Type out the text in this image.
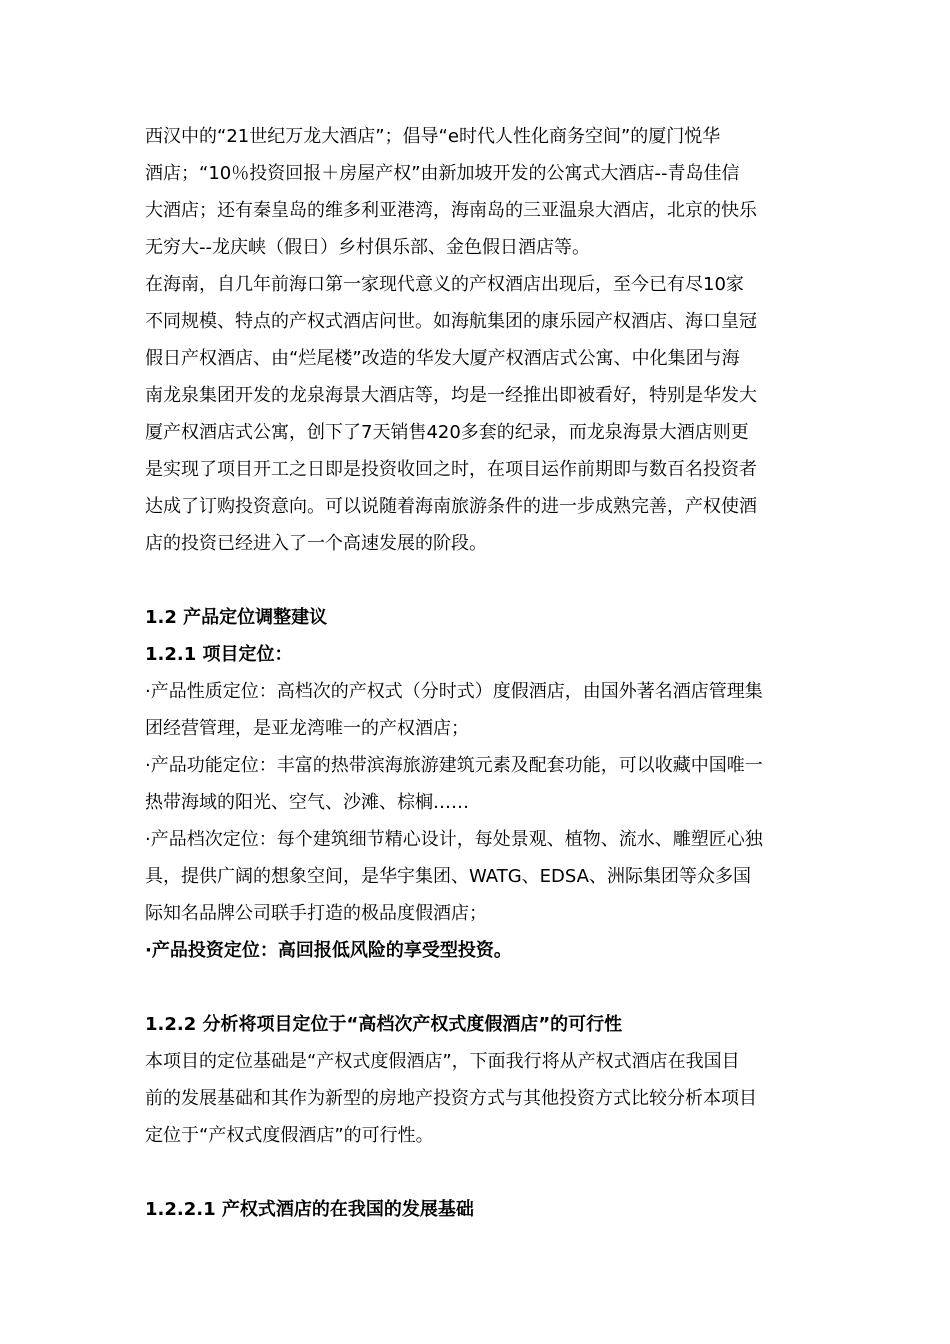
西汉中的“21世纪万龙大酒店”；倡导“e时代人性化商务空间”的厦门悦华

酒店；“10％投资回报＋房屋产权”由新加坡开发的公寓式大酒店--青岛佳信

大酒店；还有秦皇岛的维多利亚港湾，海南岛的三亚温泉大酒店，北京的快乐

无穷大--龙庆峡（假日）乡村俱乐部、金色假日酒店等。

在海南，自几年前海口第一家现代意义的产权酒店出现后，至今已有尽10家

不同规模、特点的产权式酒店问世。如海航集团的康乐园产权酒店、海口皇冠

假日产权酒店、由“烂尾楼”改造的华发大厦产权酒店式公寓、中化集团与海

南龙泉集团开发的龙泉海景大酒店等，均是一经推出即被看好，特别是华发大

厦产权酒店式公寓，创下了7天销售420多套的纪录，而龙泉海景大酒店则更

是实现了项目开工之日即是投资收回之时，在项目运作前期即与数百名投资者

达成了订购投资意向。可以说随着海南旅游条件的进一步成熟完善，产权使酒

店的投资已经进入了一个高速发展的阶段。

1.2 产品定位调整建议

1.2.1 项目定位：

·产品性质定位：高档次的产权式（分时式）度假酒店，由国外著名酒店管理集

团经营管理，是亚龙湾唯一的产权酒店；

·产品功能定位：丰富的热带滨海旅游建筑元素及配套功能，可以收藏中国唯一

热带海域的阳光、空气、沙滩、棕榈……

·产品档次定位：每个建筑细节精心设计，每处景观、植物、流水、雕塑匠心独

具，提供广阔的想象空间，是华宇集团、WATG、EDSA、洲际集团等众多国

际知名品牌公司联手打造的极品度假酒店；

·产品投资定位：高回报低风险的享受型投资。

1.2.2 分析将项目定位于“高档次产权式度假酒店”的可行性

本项目的定位基础是“产权式度假酒店”，下面我行将从产权式酒店在我国目

前的发展基础和其作为新型的房地产投资方式与其他投资方式比较分析本项目

定位于“产权式度假酒店”的可行性。

1.2.2.1 产权式酒店的在我国的发展基础
